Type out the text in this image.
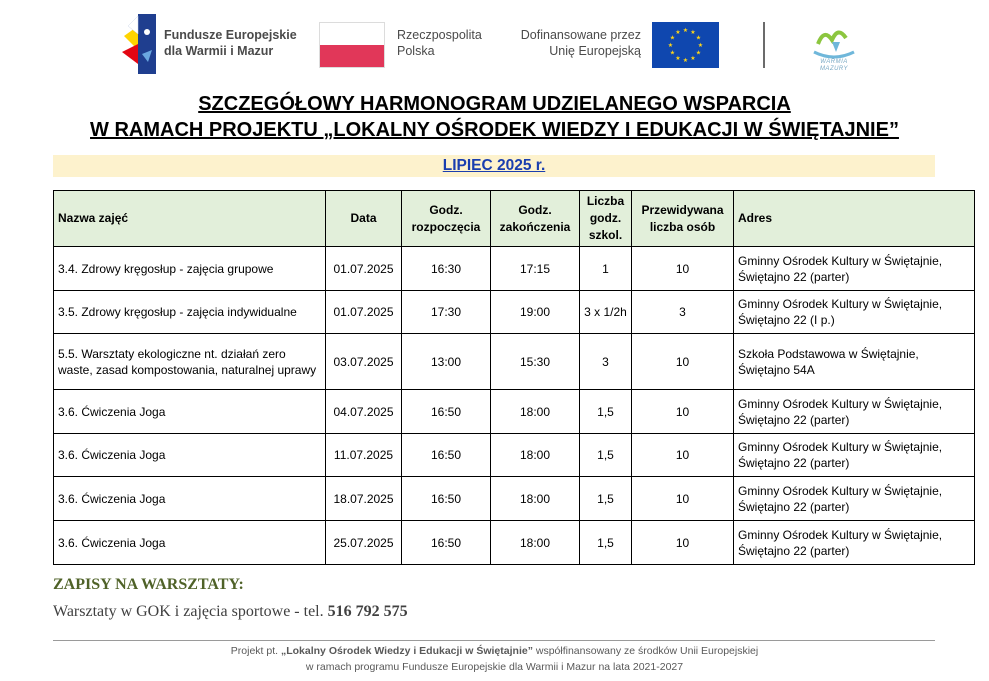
Fundusze Europejskie
dla Warmii i Mazur
Rzeczpospolita
Polska
Dofinansowane przez
Unię Europejską
★ ★
★
★
★
★
★
★
★
★
★
★
WARMIA MAZURY
SZCZEGÓŁOWY HARMONOGRAM UDZIELANEGO WSPARCIA
W RAMACH PROJEKTU „LOKALNY OŚRODEK WIEDZY I EDUKACJI W ŚWIĘTAJNIE”
LIPIEC 2025 r.
Nazwa zajęć	Data	Godz. rozpoczęcia	Godz. zakończenia	Liczba godz. szkol.	Przewidywana liczba osób	Adres
3.4. Zdrowy kręgosłup - zajęcia grupowe	01.07.2025	16:30	17:15	1	10	Gminny Ośrodek Kultury w Świętajnie, Świętajno 22 (parter)
3.5. Zdrowy kręgosłup - zajęcia indywidualne	01.07.2025	17:30	19:00	3 x 1/2h	3	Gminny Ośrodek Kultury w Świętajnie, Świętajno 22 (I p.)
5.5. Warsztaty ekologiczne nt. działań zero waste, zasad kompostowania, naturalnej uprawy	03.07.2025	13:00	15:30	3	10	Szkoła Podstawowa w Świętajnie, Świętajno 54A
3.6. Ćwiczenia Joga	04.07.2025	16:50	18:00	1,5	10	Gminny Ośrodek Kultury w Świętajnie, Świętajno 22 (parter)
3.6. Ćwiczenia Joga	11.07.2025	16:50	18:00	1,5	10	Gminny Ośrodek Kultury w Świętajnie, Świętajno 22 (parter)
3.6. Ćwiczenia Joga	18.07.2025	16:50	18:00	1,5	10	Gminny Ośrodek Kultury w Świętajnie, Świętajno 22 (parter)
3.6. Ćwiczenia Joga	25.07.2025	16:50	18:00	1,5	10	Gminny Ośrodek Kultury w Świętajnie, Świętajno 22 (parter)
ZAPISY NA WARSZTATY:
Warsztaty w GOK i zajęcia sportowe - tel. 516 792 575
Projekt pt. „Lokalny Ośrodek Wiedzy i Edukacji w Świętajnie” współfinansowany ze środków Unii Europejskiej
w ramach programu Fundusze Europejskie dla Warmii i Mazur na lata 2021-2027
